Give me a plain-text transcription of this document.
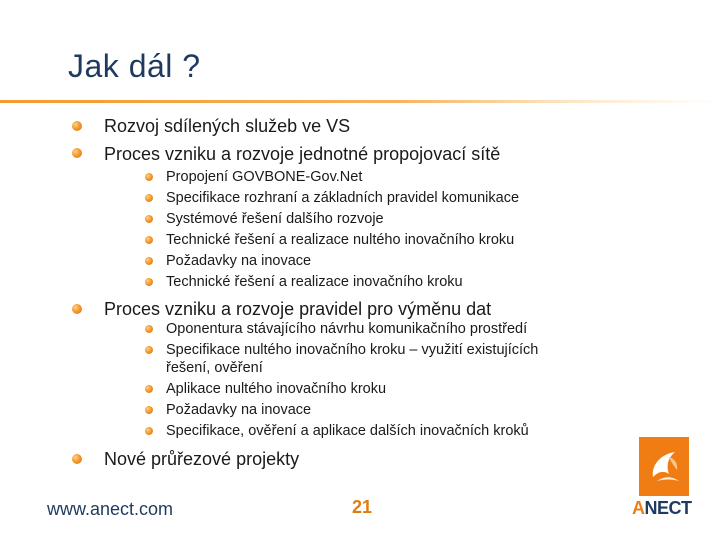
Jak dál ?
Rozvoj sdílených služeb ve VS
Proces vzniku a rozvoje jednotné propojovací sítě
Propojení GOVBONE-Gov.Net
Specifikace rozhraní a základních pravidel komunikace
Systémové řešení dalšího rozvoje
Technické řešení a realizace nultého inovačního kroku
Požadavky na inovace
Technické řešení a realizace inovačního kroku
Proces vzniku a rozvoje pravidel pro výměnu dat
Oponentura stávajícího návrhu komunikačního prostředí
Specifikace nultého inovačního kroku – využití existujících řešení, ověření
Aplikace nultého inovačního kroku
Požadavky na inovace
Specifikace, ověření a aplikace dalších inovačních kroků
Nové průřezové projekty
www.anect.com	21	ANECT
